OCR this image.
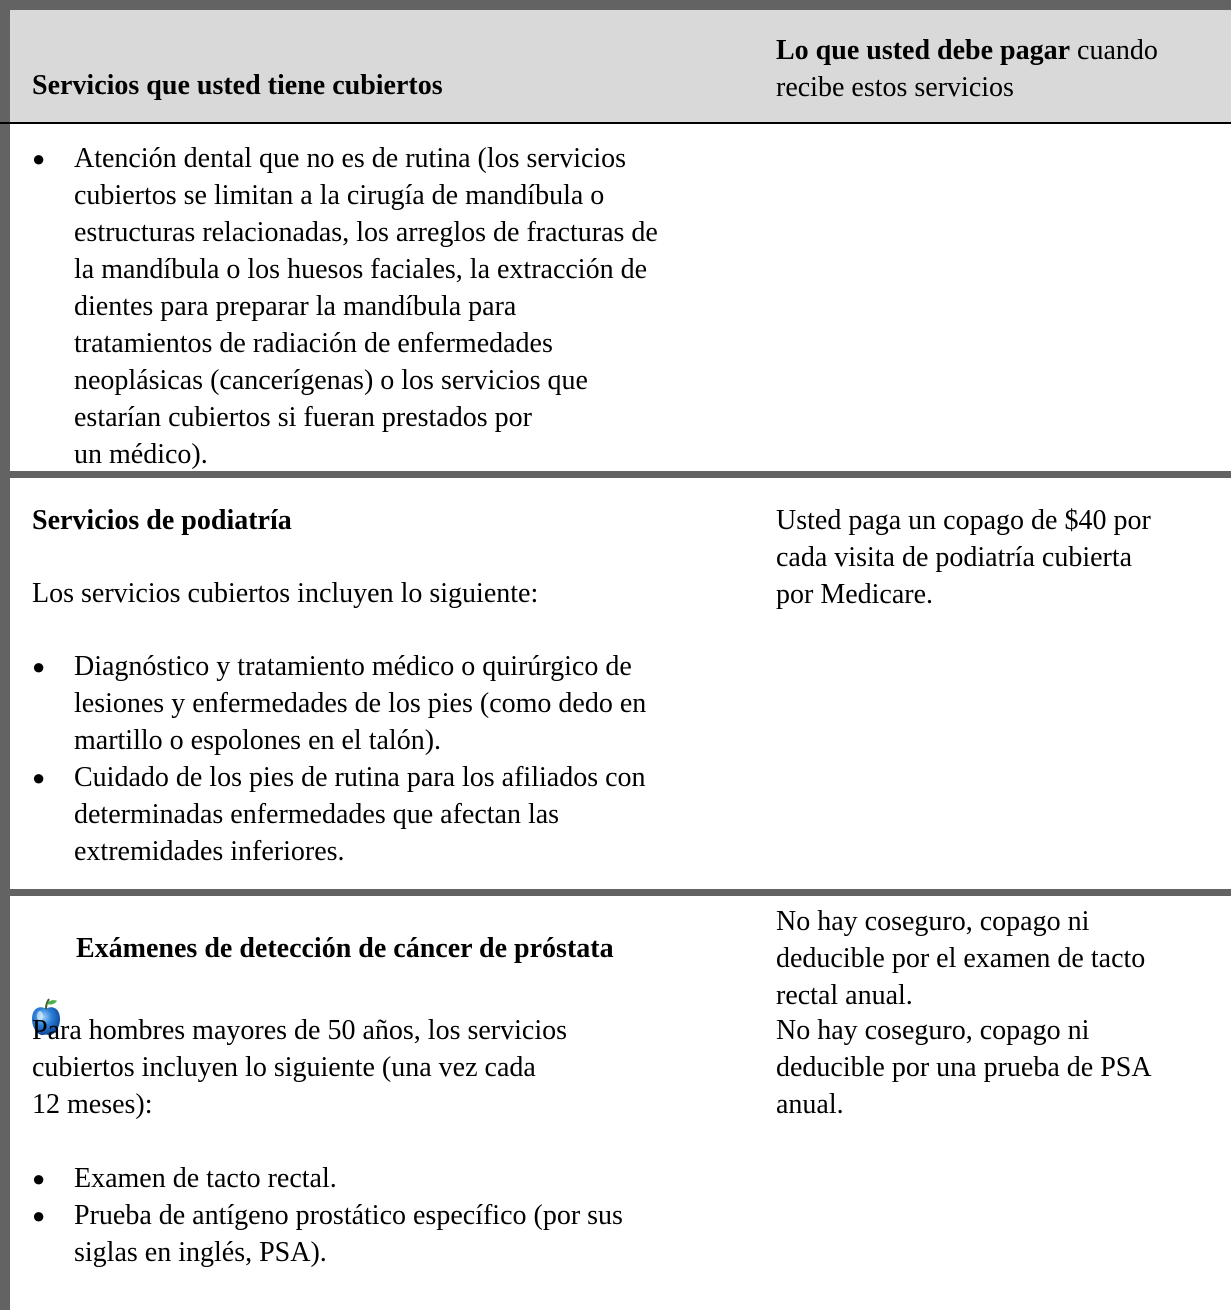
Servicios que usted tiene cubiertos
Lo que usted debe pagar cuando
recibe estos servicios
● Atención dental que no es de rutina (los servicios
cubiertos se limitan a la cirugía de mandíbula o
estructuras relacionadas, los arreglos de fracturas de
la mandíbula o los huesos faciales, la extracción de
dientes para preparar la mandíbula para
tratamientos de radiación de enfermedades
neoplásicas (cancerígenas) o los servicios que
estarían cubiertos si fueran prestados por
un médico).
Servicios de podiatría
Los servicios cubiertos incluyen lo siguiente:
● Diagnóstico y tratamiento médico o quirúrgico de
lesiones y enfermedades de los pies (como dedo en
martillo o espolones en el talón).
● Cuidado de los pies de rutina para los afiliados con
determinadas enfermedades que afectan las
extremidades inferiores.
Usted paga un copago de $40 por
cada visita de podiatría cubierta
por Medicare.
Exámenes de detección de cáncer de próstata
Para hombres mayores de 50 años, los servicios
cubiertos incluyen lo siguiente (una vez cada
12 meses):
● Examen de tacto rectal.
● Prueba de antígeno prostático específico (por sus
siglas en inglés, PSA).
No hay coseguro, copago ni
deducible por el examen de tacto
rectal anual.
No hay coseguro, copago ni
deducible por una prueba de PSA
anual.
